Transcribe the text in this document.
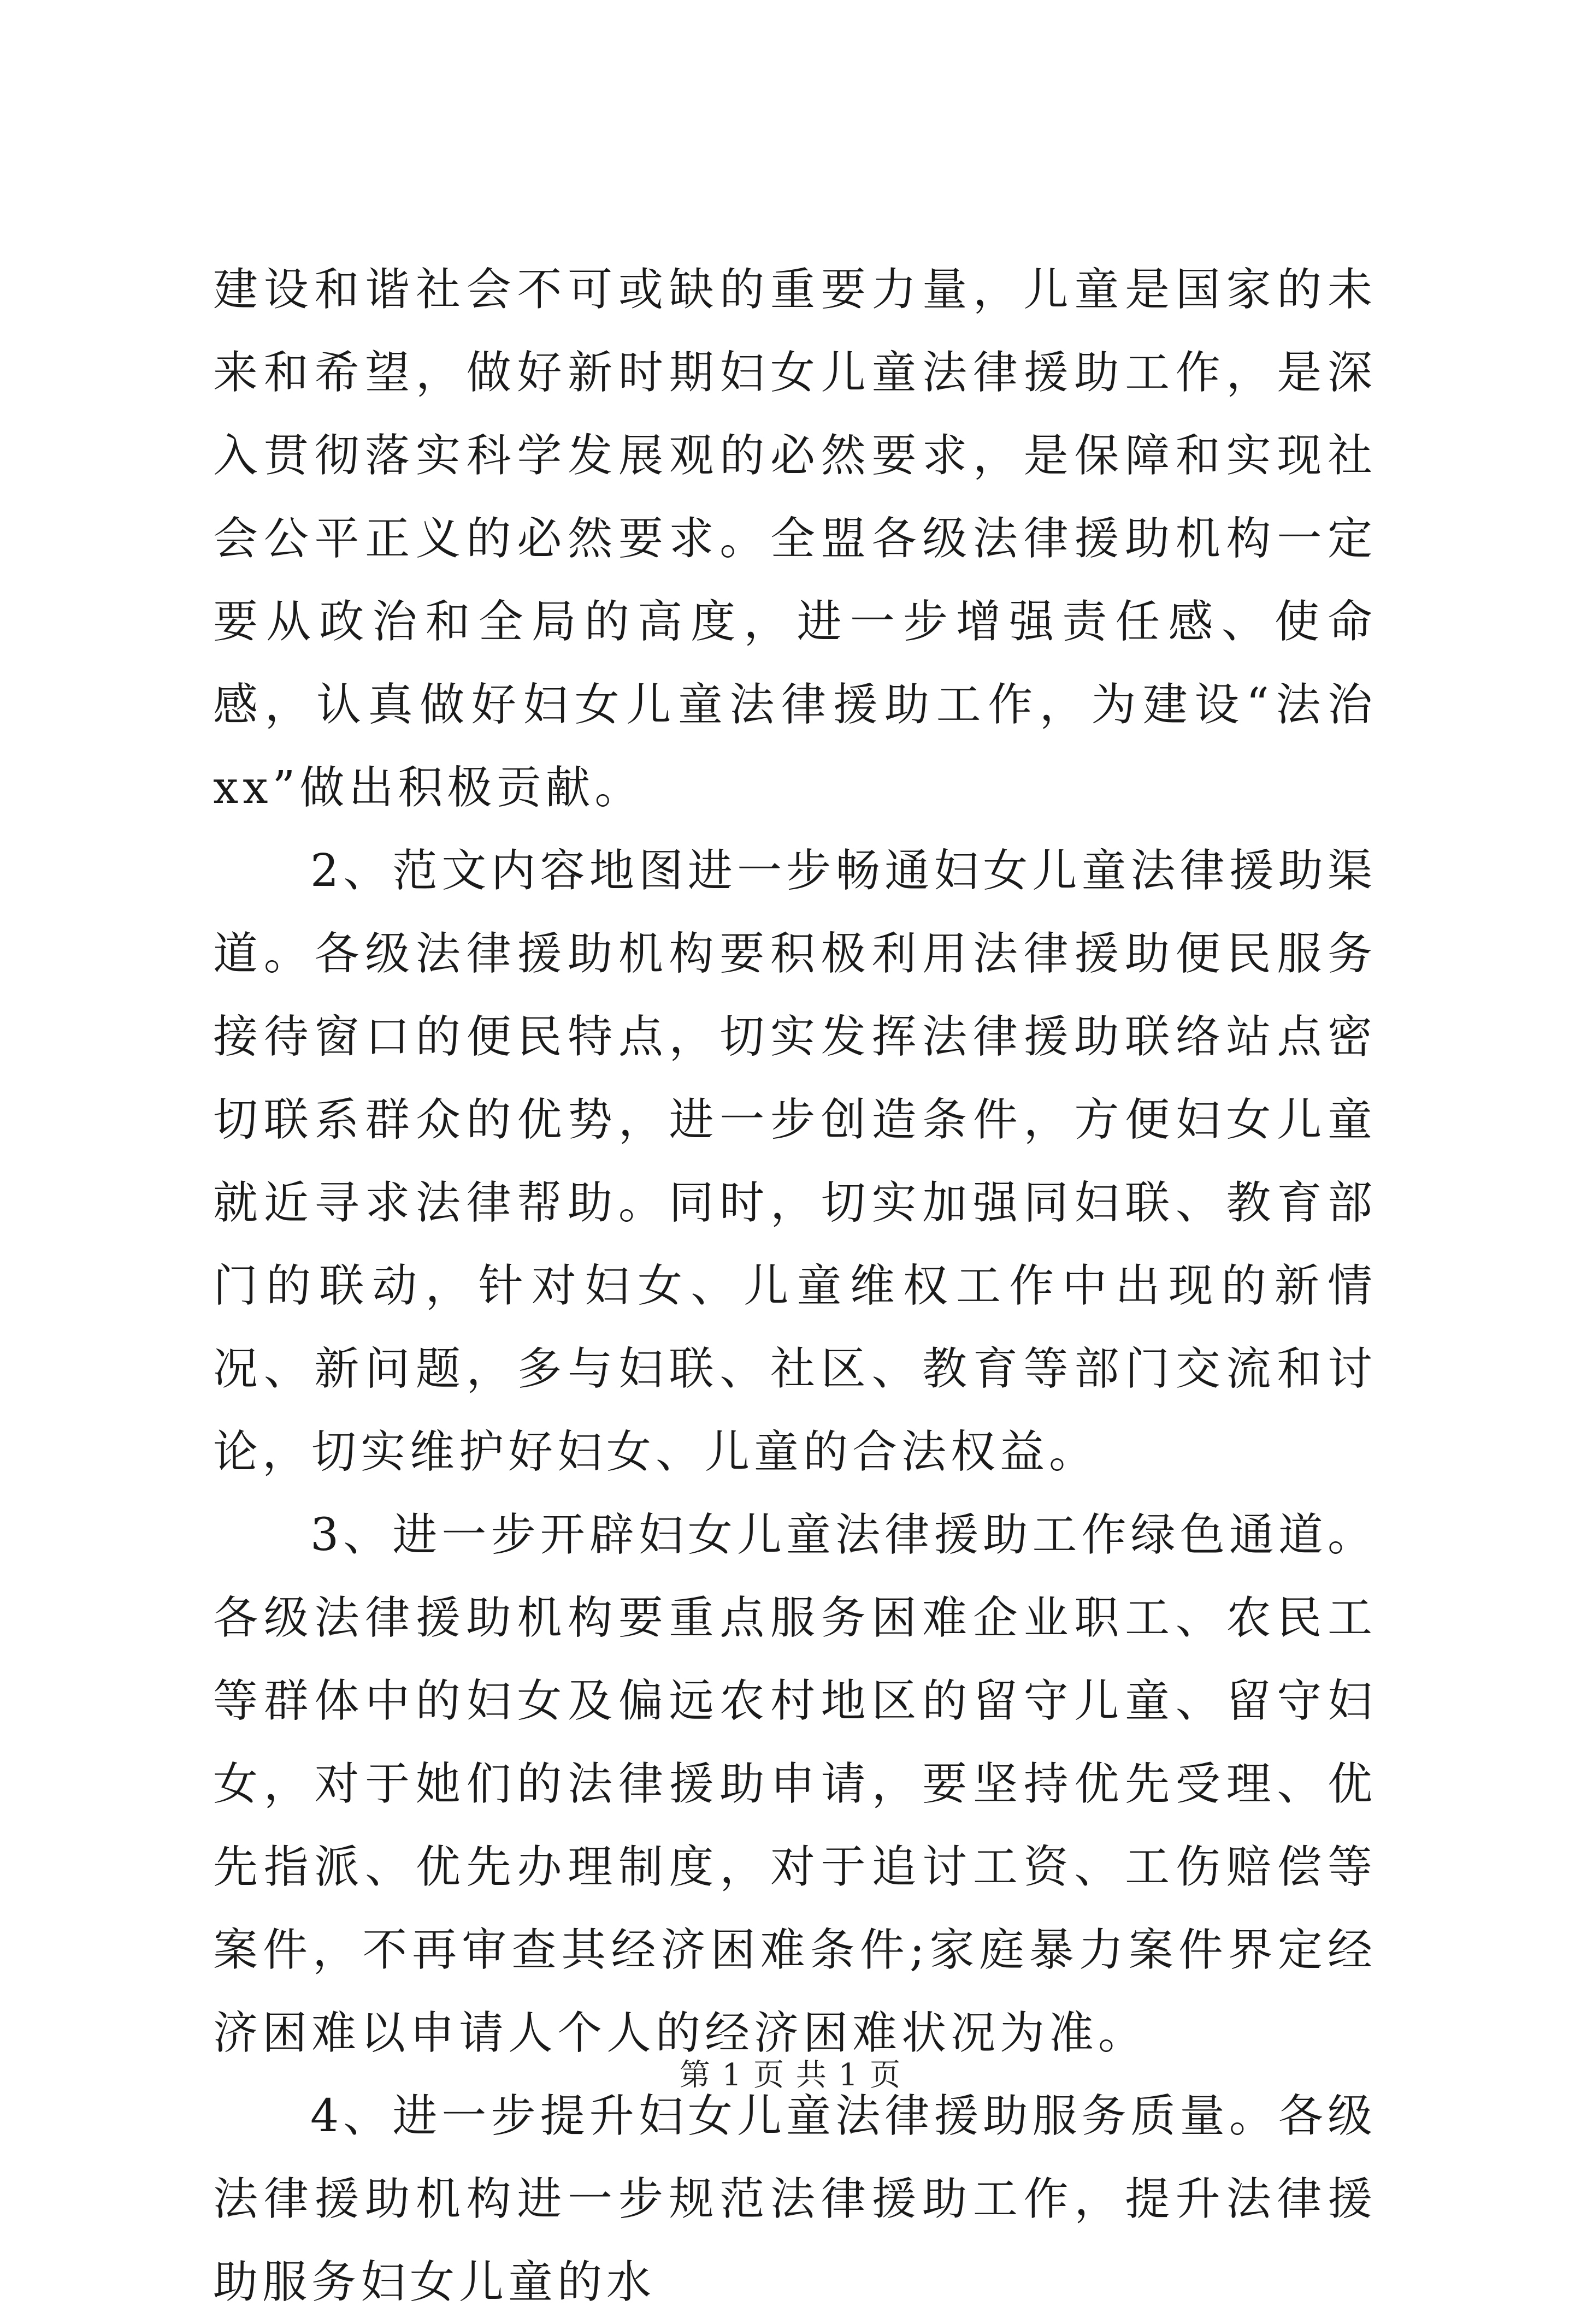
建设和谐社会不可或缺的重要力量，儿童是国家的未来和希望，做好新时期妇女儿童法律援助工作，是深入贯彻落实科学发展观的必然要求，是保障和实现社会公平正义的必然要求。全盟各级法律援助机构一定要从政治和全局的高度，进一步增强责任感、使命感，认真做好妇女儿童法律援助工作，为建设“法治xx”做出积极贡献。

2、范文内容地图进一步畅通妇女儿童法律援助渠道。各级法律援助机构要积极利用法律援助便民服务接待窗口的便民特点，切实发挥法律援助联络站点密切联系群众的优势，进一步创造条件，方便妇女儿童就近寻求法律帮助。同时，切实加强同妇联、教育部门的联动，针对妇女、儿童维权工作中出现的新情况、新问题，多与妇联、社区、教育等部门交流和讨论，切实维护好妇女、儿童的合法权益。

3、进一步开辟妇女儿童法律援助工作绿色通道。各级法律援助机构要重点服务困难企业职工、农民工等群体中的妇女及偏远农村地区的留守儿童、留守妇女，对于她们的法律援助申请，要坚持优先受理、优先指派、优先办理制度，对于追讨工资、工伤赔偿等案件，不再审查其经济困难条件;家庭暴力案件界定经济困难以申请人个人的经济困难状况为准。

4、进一步提升妇女儿童法律援助服务质量。各级法律援助机构进一步规范法律援助工作，提升法律援助服务妇女儿童的水

第 1 页 共 1 页
